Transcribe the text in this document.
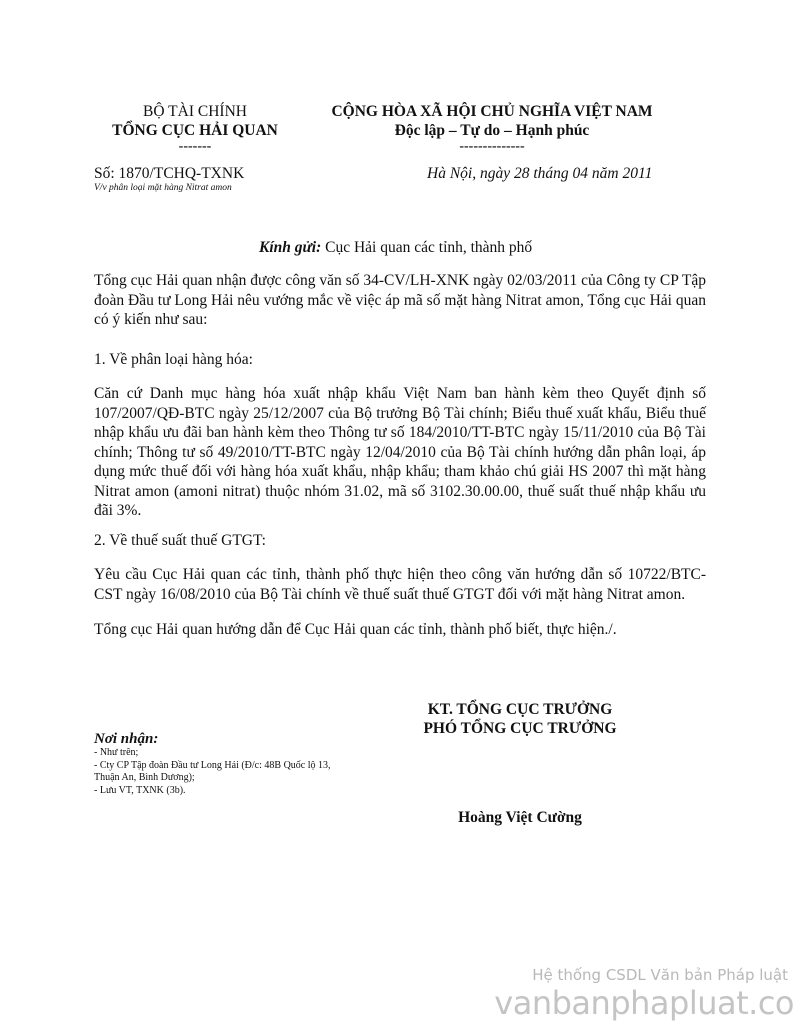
BỘ TÀI CHÍNH
TỔNG CỤC HẢI QUAN
-------
CỘNG HÒA XÃ HỘI CHỦ NGHĨA VIỆT NAM
Độc lập – Tự do – Hạnh phúc
--------------
Số: 1870/TCHQ-TXNK
V/v phân loại mặt hàng Nitrat amon
Hà Nội, ngày 28 tháng 04 năm 2011
Kính gửi: Cục Hải quan các tỉnh, thành phố
Tổng cục Hải quan nhận được công văn số 34-CV/LH-XNK ngày 02/03/2011 của Công ty CP Tập đoàn Đầu tư Long Hải nêu vướng mắc về việc áp mã số mặt hàng Nitrat amon, Tổng cục Hải quan có ý kiến như sau:
1. Về phân loại hàng hóa:
Căn cứ Danh mục hàng hóa xuất nhập khẩu Việt Nam ban hành kèm theo Quyết định số 107/2007/QĐ-BTC ngày 25/12/2007 của Bộ trưởng Bộ Tài chính; Biểu thuế xuất khẩu, Biểu thuế nhập khẩu ưu đãi ban hành kèm theo Thông tư số 184/2010/TT-BTC ngày 15/11/2010 của Bộ Tài chính; Thông tư số 49/2010/TT-BTC ngày 12/04/2010 của Bộ Tài chính hướng dẫn phân loại, áp dụng mức thuế đối với hàng hóa xuất khẩu, nhập khẩu; tham khảo chú giải HS 2007 thì mặt hàng Nitrat amon (amoni nitrat) thuộc nhóm 31.02, mã số 3102.30.00.00, thuế suất thuế nhập khẩu ưu đãi 3%.
2. Về thuế suất thuế GTGT:
Yêu cầu Cục Hải quan các tỉnh, thành phố thực hiện theo công văn hướng dẫn số 10722/BTC-CST ngày 16/08/2010 của Bộ Tài chính về thuế suất thuế GTGT đối với mặt hàng Nitrat amon.
Tổng cục Hải quan hướng dẫn để Cục Hải quan các tỉnh, thành phố biết, thực hiện./.
KT. TỔNG CỤC TRƯỞNG
PHÓ TỔNG CỤC TRƯỞNG
Hoàng Việt Cường
Nơi nhận:
- Như trên;
- Cty CP Tập đoàn Đầu tư Long Hải (Đ/c: 48B Quốc lộ 13, Thuận An, Bình Dương);
- Lưu VT, TXNK (3b).
Hệ thống CSDL Văn bản Pháp luật
vanbanphapluat.co
